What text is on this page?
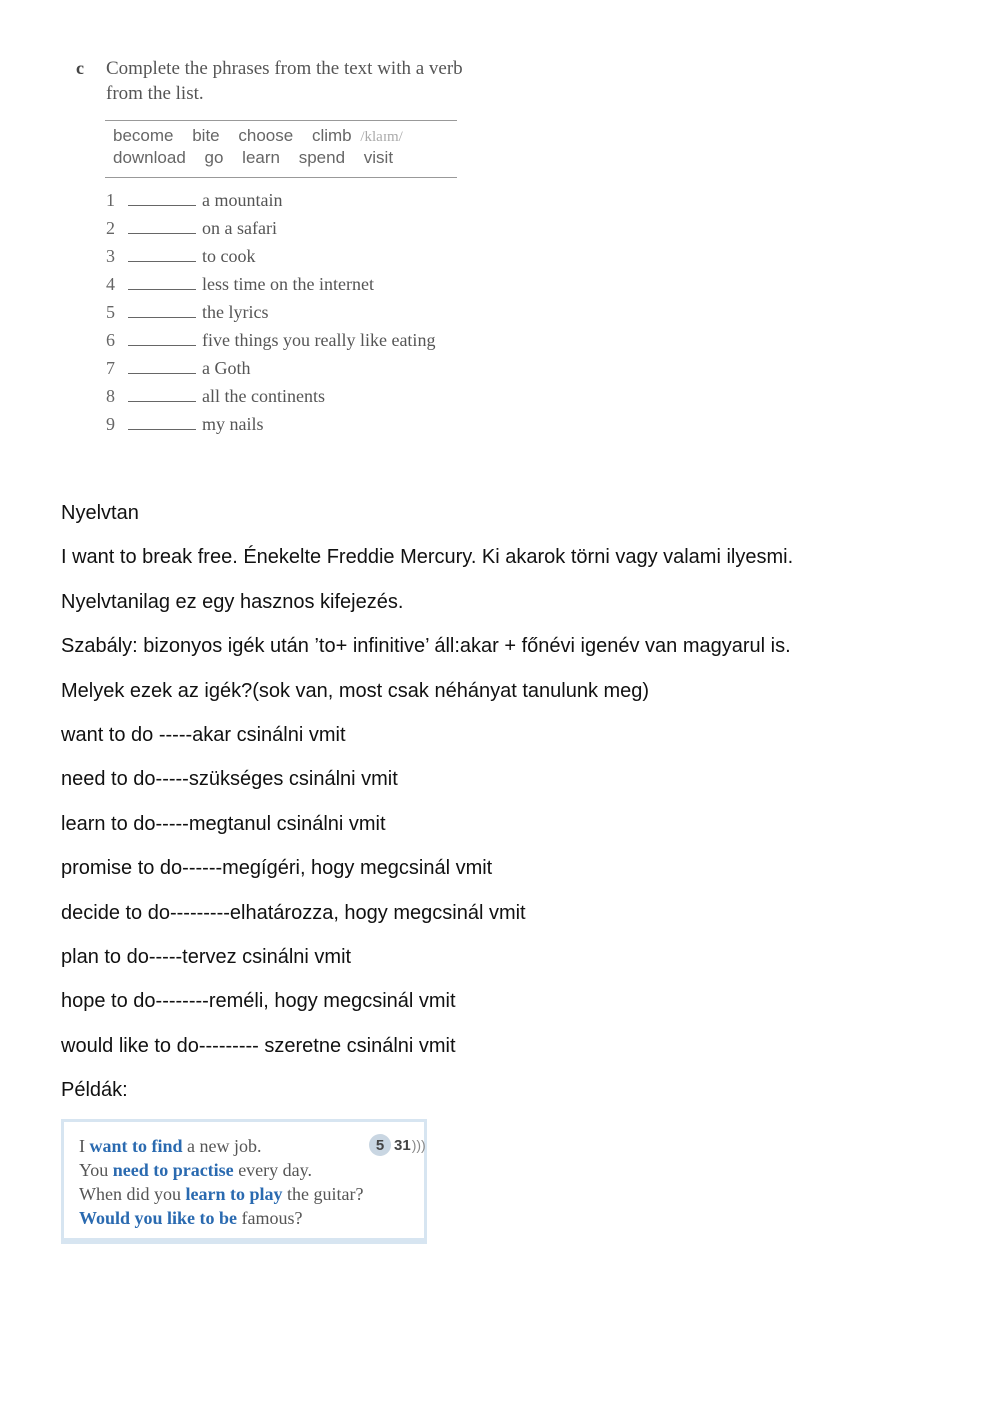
c Complete the phrases from the text with a verb from the list.
become bite choose climb /klaɪm/
download go learn spend visit
1	a mountain
2	on a safari
3	to cook
4	less time on the internet
5	the lyrics
6	five things you really like eating
7	a Goth
8	all the continents
9	my nails
Nyelvtan
I want to break free. Énekelte Freddie Mercury. Ki akarok törni vagy valami ilyesmi.
Nyelvtanilag ez egy hasznos kifejezés.
Szabály: bizonyos igék után ’to+ infinitive’ áll:akar + főnévi igenév van magyarul is.
Melyek ezek az igék?(sok van, most csak néhányat tanulunk meg)
want to do -----akar csinálni vmit
need to do-----szükséges csinálni vmit
learn to do-----megtanul csinálni vmit
promise to do------megígéri, hogy megcsinál vmit
decide to do---------elhatározza, hogy megcsinál vmit
plan to do-----tervez csinálni vmit
hope to do--------reméli, hogy megcsinál vmit
would like to do--------- szeretne csinálni vmit
Példák:
I want to find a new job.
You need to practise every day.
When did you learn to play the guitar?
Would you like to be famous?
5 31 )))
